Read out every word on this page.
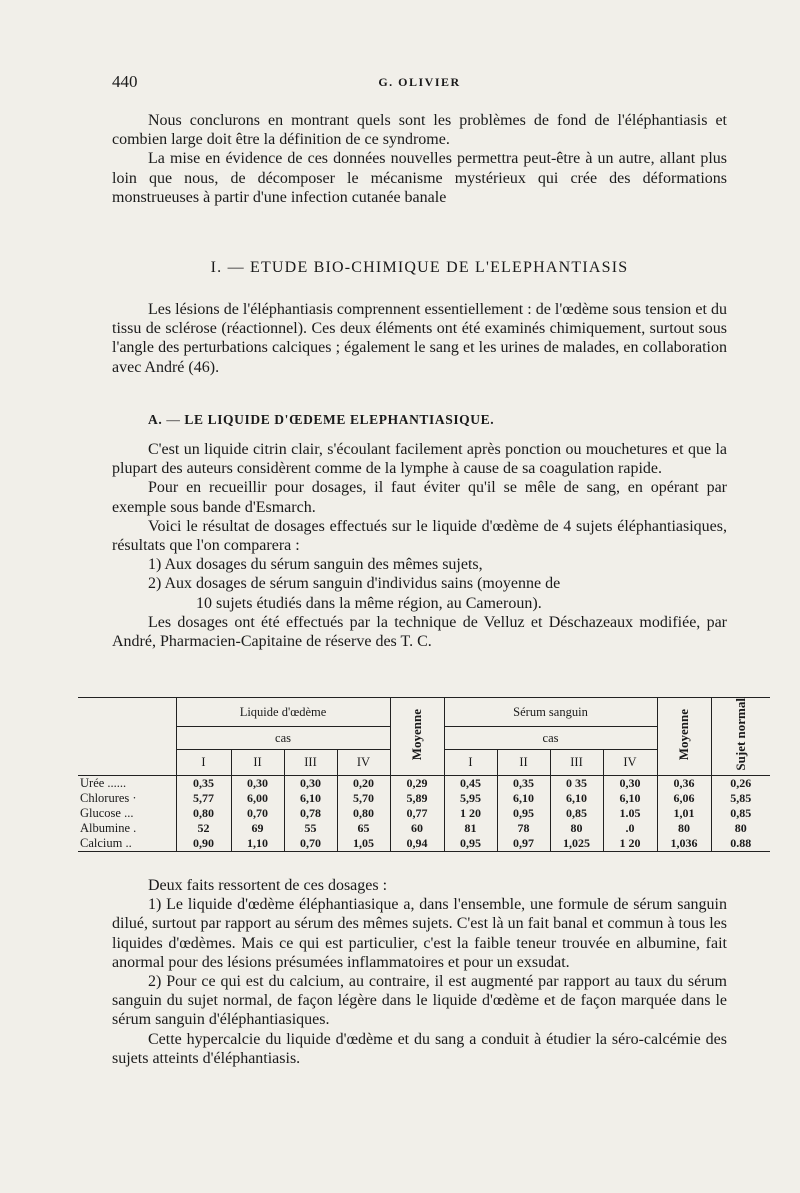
440	G. OLIVIER

Nous conclurons en montrant quels sont les problèmes de fond de l'éléphantiasis et combien large doit être la définition de ce syndrome.

La mise en évidence de ces données nouvelles permettra peut-être à un autre, allant plus loin que nous, de décomposer le mécanisme mystérieux qui crée des déformations monstrueuses à partir d'une infection cutanée banale

I. — ETUDE BIO-CHIMIQUE DE L'ELEPHANTIASIS

Les lésions de l'éléphantiasis comprennent essentiellement : de l'œdème sous tension et du tissu de sclérose (réactionnel). Ces deux éléments ont été examinés chimiquement, surtout sous l'angle des perturbations calciques ; également le sang et les urines de malades, en collaboration avec André (46).

A. — LE LIQUIDE D'ŒDEME ELEPHANTIASIQUE.

C'est un liquide citrin clair, s'écoulant facilement après ponction ou mouchetures et que la plupart des auteurs considèrent comme de la lymphe à cause de sa coagulation rapide.

Pour en recueillir pour dosages, il faut éviter qu'il se mêle de sang, en opérant par exemple sous bande d'Esmarch.

Voici le résultat de dosages effectués sur le liquide d'œdème de 4 sujets éléphantiasiques, résultats que l'on comparera :

1) Aux dosages du sérum sanguin des mêmes sujets,

2) Aux dosages de sérum sanguin d'individus sains (moyenne de
10 sujets étudiés dans la même région, au Cameroun).

Les dosages ont été effectués par la technique de Velluz et Déschazeaux modifiée, par André, Pharmacien-Capitaine de réserve des T. C.

	Liquide d'œdème				Moyenne	Sérum sanguin				Moyenne	Sujet normal
	cas					cas					
	I	II	III	IV		I	II	III	IV		
Urée ......	0,35	0,30	0,30	0,20	0,29	0,45	0,35	0 35	0,30	0,36	0,26
Chlorures ·	5,77	6,00	6,10	5,70	5,89	5,95	6,10	6,10	6,10	6,06	5,85
Glucose ...	0,80	0,70	0,78	0,80	0,77	1 20	0,95	0,85	1.05	1,01	0,85
Albumine .	52	69	55	65	60	81	78	80	.0	80	80
Calcium ..	0,90	1,10	0,70	1,05	0,94	0,95	0,97	1,025	1 20	1,036	0.88

Deux faits ressortent de ces dosages :

1) Le liquide d'œdème éléphantiasique a, dans l'ensemble, une formule de sérum sanguin dilué, surtout par rapport au sérum des mêmes sujets. C'est là un fait banal et commun à tous les liquides d'œdèmes. Mais ce qui est particulier, c'est la faible teneur trouvée en albumine, fait anormal pour des lésions présumées inflammatoires et pour un exsudat.

2) Pour ce qui est du calcium, au contraire, il est augmenté par rapport au taux du sérum sanguin du sujet normal, de façon légère dans le liquide d'œdème et de façon marquée dans le sérum sanguin d'éléphantiasiques.

Cette hypercalcie du liquide d'œdème et du sang a conduit à étudier la séro-calcémie des sujets atteints d'éléphantiasis.
